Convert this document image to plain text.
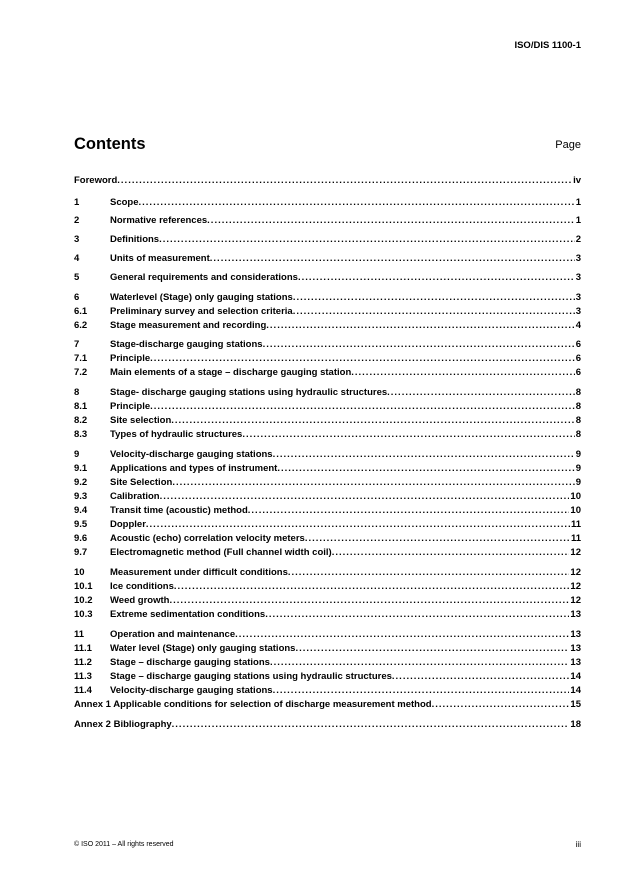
ISO/DIS 1100-1
Contents	Page
Foreword .....	iv
1	Scope .....	1
2	Normative references .....	1
3	Definitions .....	2
4	Units of measurement .....	3
5	General requirements and considerations .....	3
6	Waterlevel (Stage) only gauging stations .....	3
6.1	Preliminary survey and selection criteria .....	3
6.2	Stage measurement and recording .....	4
7	Stage-discharge gauging stations .....	6
7.1	Principle .....	6
7.2	Main elements of a stage – discharge gauging station .....	6
8	Stage- discharge gauging stations using hydraulic structures .....	8
8.1	Principle .....	8
8.2	Site selection .....	8
8.3	Types of hydraulic structures .....	8
9	Velocity-discharge gauging stations .....	9
9.1	Applications and types of instrument .....	9
9.2	Site Selection .....	9
9.3	Calibration .....	10
9.4	Transit time (acoustic) method .....	10
9.5	Doppler .....	11
9.6	Acoustic (echo) correlation velocity meters .....	11
9.7	Electromagnetic method (Full channel width coil) .....	12
10	Measurement under difficult conditions .....	12
10.1	Ice conditions .....	12
10.2	Weed growth .....	12
10.3	Extreme sedimentation conditions .....	13
11	Operation and maintenance .....	13
11.1	Water level (Stage) only gauging stations .....	13
11.2	Stage – discharge gauging stations .....	13
11.3	Stage – discharge gauging stations using hydraulic structures .....	14
11.4	Velocity-discharge gauging stations .....	14
Annex 1 Applicable conditions for selection of discharge measurement method .....	15
Annex 2 Bibliography .....	18
© ISO 2011 – All rights reserved	iii
